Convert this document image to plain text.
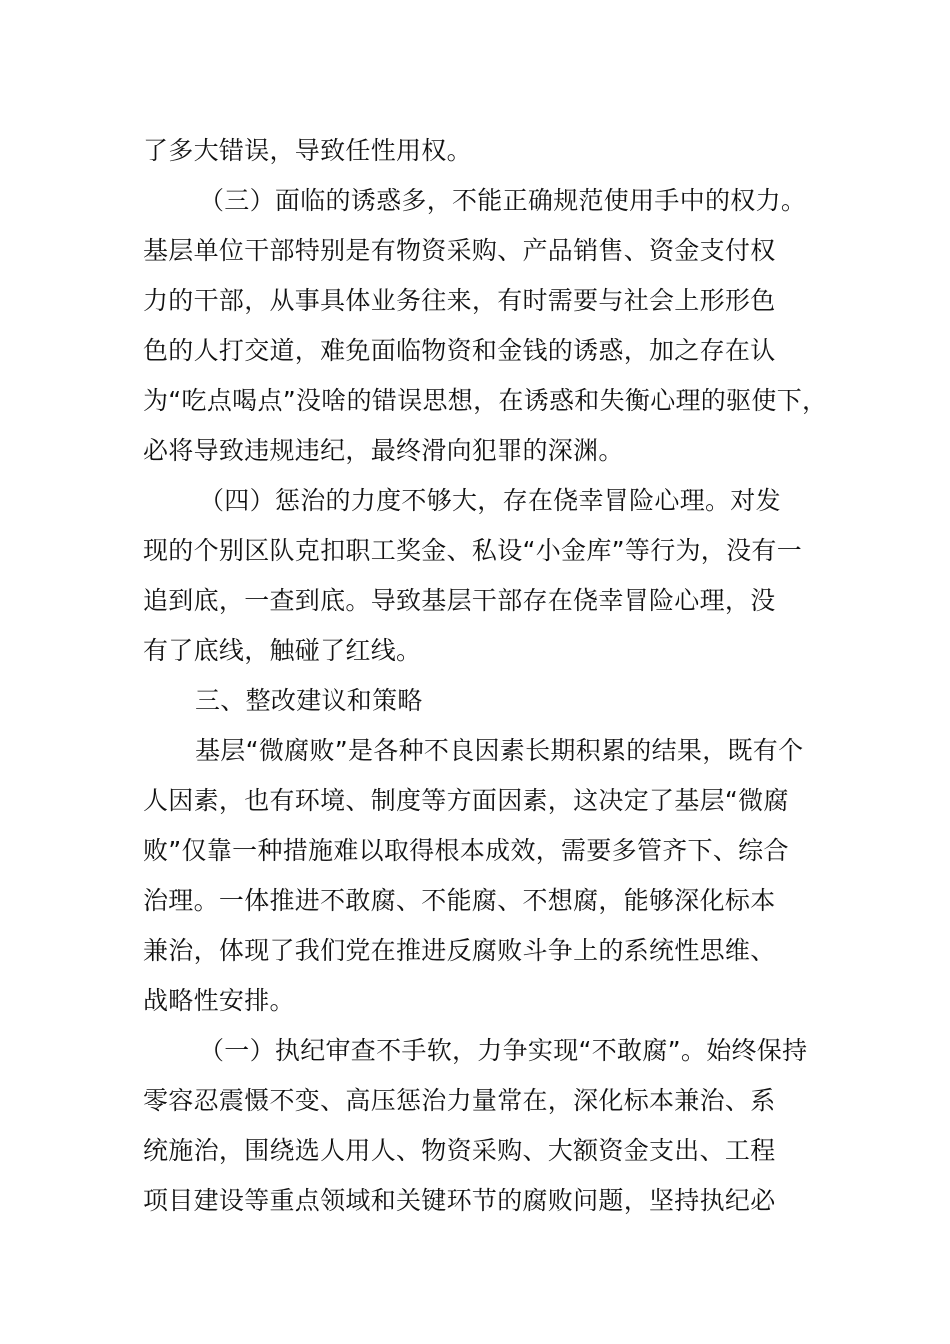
了多大错误，导致任性用权。
（三）面临的诱惑多，不能正确规范使用手中的权力。
基层单位干部特别是有物资采购、产品销售、资金支付权
力的干部，从事具体业务往来，有时需要与社会上形形色
色的人打交道，难免面临物资和金钱的诱惑，加之存在认
为“吃点喝点”没啥的错误思想，在诱惑和失衡心理的驱使下，
必将导致违规违纪，最终滑向犯罪的深渊。
（四）惩治的力度不够大，存在侥幸冒险心理。对发
现的个别区队克扣职工奖金、私设“小金库”等行为，没有一
追到底，一查到底。导致基层干部存在侥幸冒险心理，没
有了底线，触碰了红线。
三、整改建议和策略
基层“微腐败”是各种不良因素长期积累的结果，既有个
人因素，也有环境、制度等方面因素，这决定了基层“微腐
败”仅靠一种措施难以取得根本成效，需要多管齐下、综合
治理。一体推进不敢腐、不能腐、不想腐，能够深化标本
兼治，体现了我们党在推进反腐败斗争上的系统性思维、
战略性安排。
（一）执纪审查不手软，力争实现“不敢腐”。始终保持
零容忍震慑不变、高压惩治力量常在，深化标本兼治、系
统施治，围绕选人用人、物资采购、大额资金支出、工程
项目建设等重点领域和关键环节的腐败问题，坚持执纪必
